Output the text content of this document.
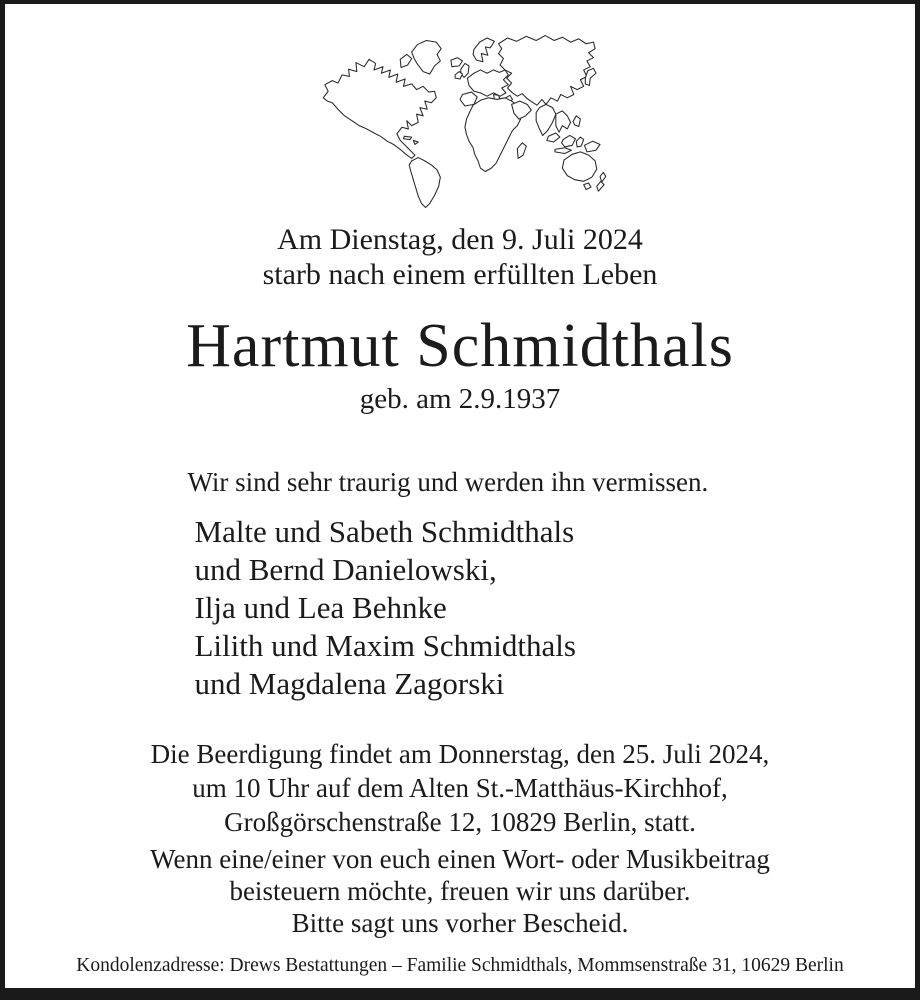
Am Dienstag, den 9. Juli 2024
starb nach einem erfüllten Leben
Hartmut Schmidthals
geb. am 2.9.1937
Wir sind sehr traurig und werden ihn vermissen.
Malte und Sabeth Schmidthals
und Bernd Danielowski,
Ilja und Lea Behnke
Lilith und Maxim Schmidthals
und Magdalena Zagorski
Die Beerdigung findet am Donnerstag, den 25. Juli 2024,
um 10 Uhr auf dem Alten St.-Matthäus-Kirchhof,
Großgörschenstraße 12, 10829 Berlin, statt.
Wenn eine/einer von euch einen Wort- oder Musikbeitrag
beisteuern möchte, freuen wir uns darüber.
Bitte sagt uns vorher Bescheid.
Kondolenzadresse: Drews Bestattungen – Familie Schmidthals, Mommsenstraße 31, 10629 Berlin
